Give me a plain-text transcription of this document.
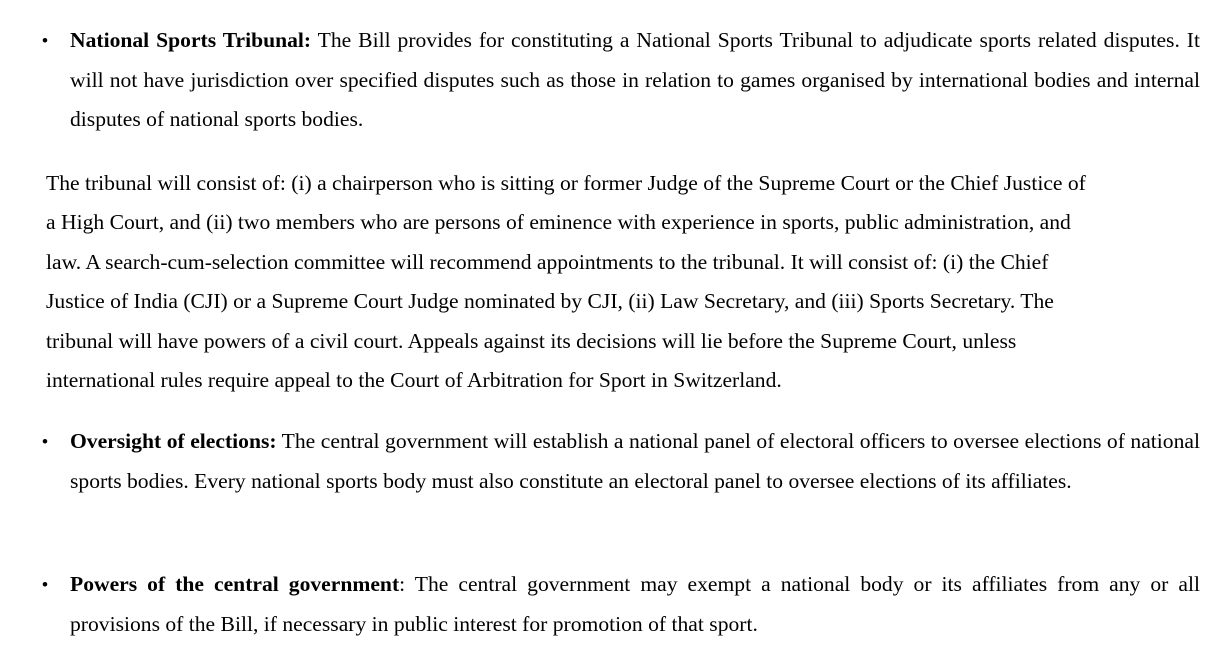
• National Sports Tribunal: The Bill provides for constituting a National Sports Tribunal to adjudicate sports related disputes. It will not have jurisdiction over specified disputes such as those in relation to games organised by international bodies and internal disputes of national sports bodies.
The tribunal will consist of: (i) a chairperson who is sitting or former Judge of the Supreme Court or the Chief Justice of
a High Court, and (ii) two members who are persons of eminence with experience in sports, public administration, and
law. A search-cum-selection committee will recommend appointments to the tribunal. It will consist of: (i) the Chief
Justice of India (CJI) or a Supreme Court Judge nominated by CJI, (ii) Law Secretary, and (iii) Sports Secretary. The
tribunal will have powers of a civil court. Appeals against its decisions will lie before the Supreme Court, unless
international rules require appeal to the Court of Arbitration for Sport in Switzerland.
• Oversight of elections: The central government will establish a national panel of electoral officers to oversee elections of national sports bodies. Every national sports body must also constitute an electoral panel to oversee elections of its affiliates.
• Powers of the central government: The central government may exempt a national body or its affiliates from any or all provisions of the Bill, if necessary in public interest for promotion of that sport.
